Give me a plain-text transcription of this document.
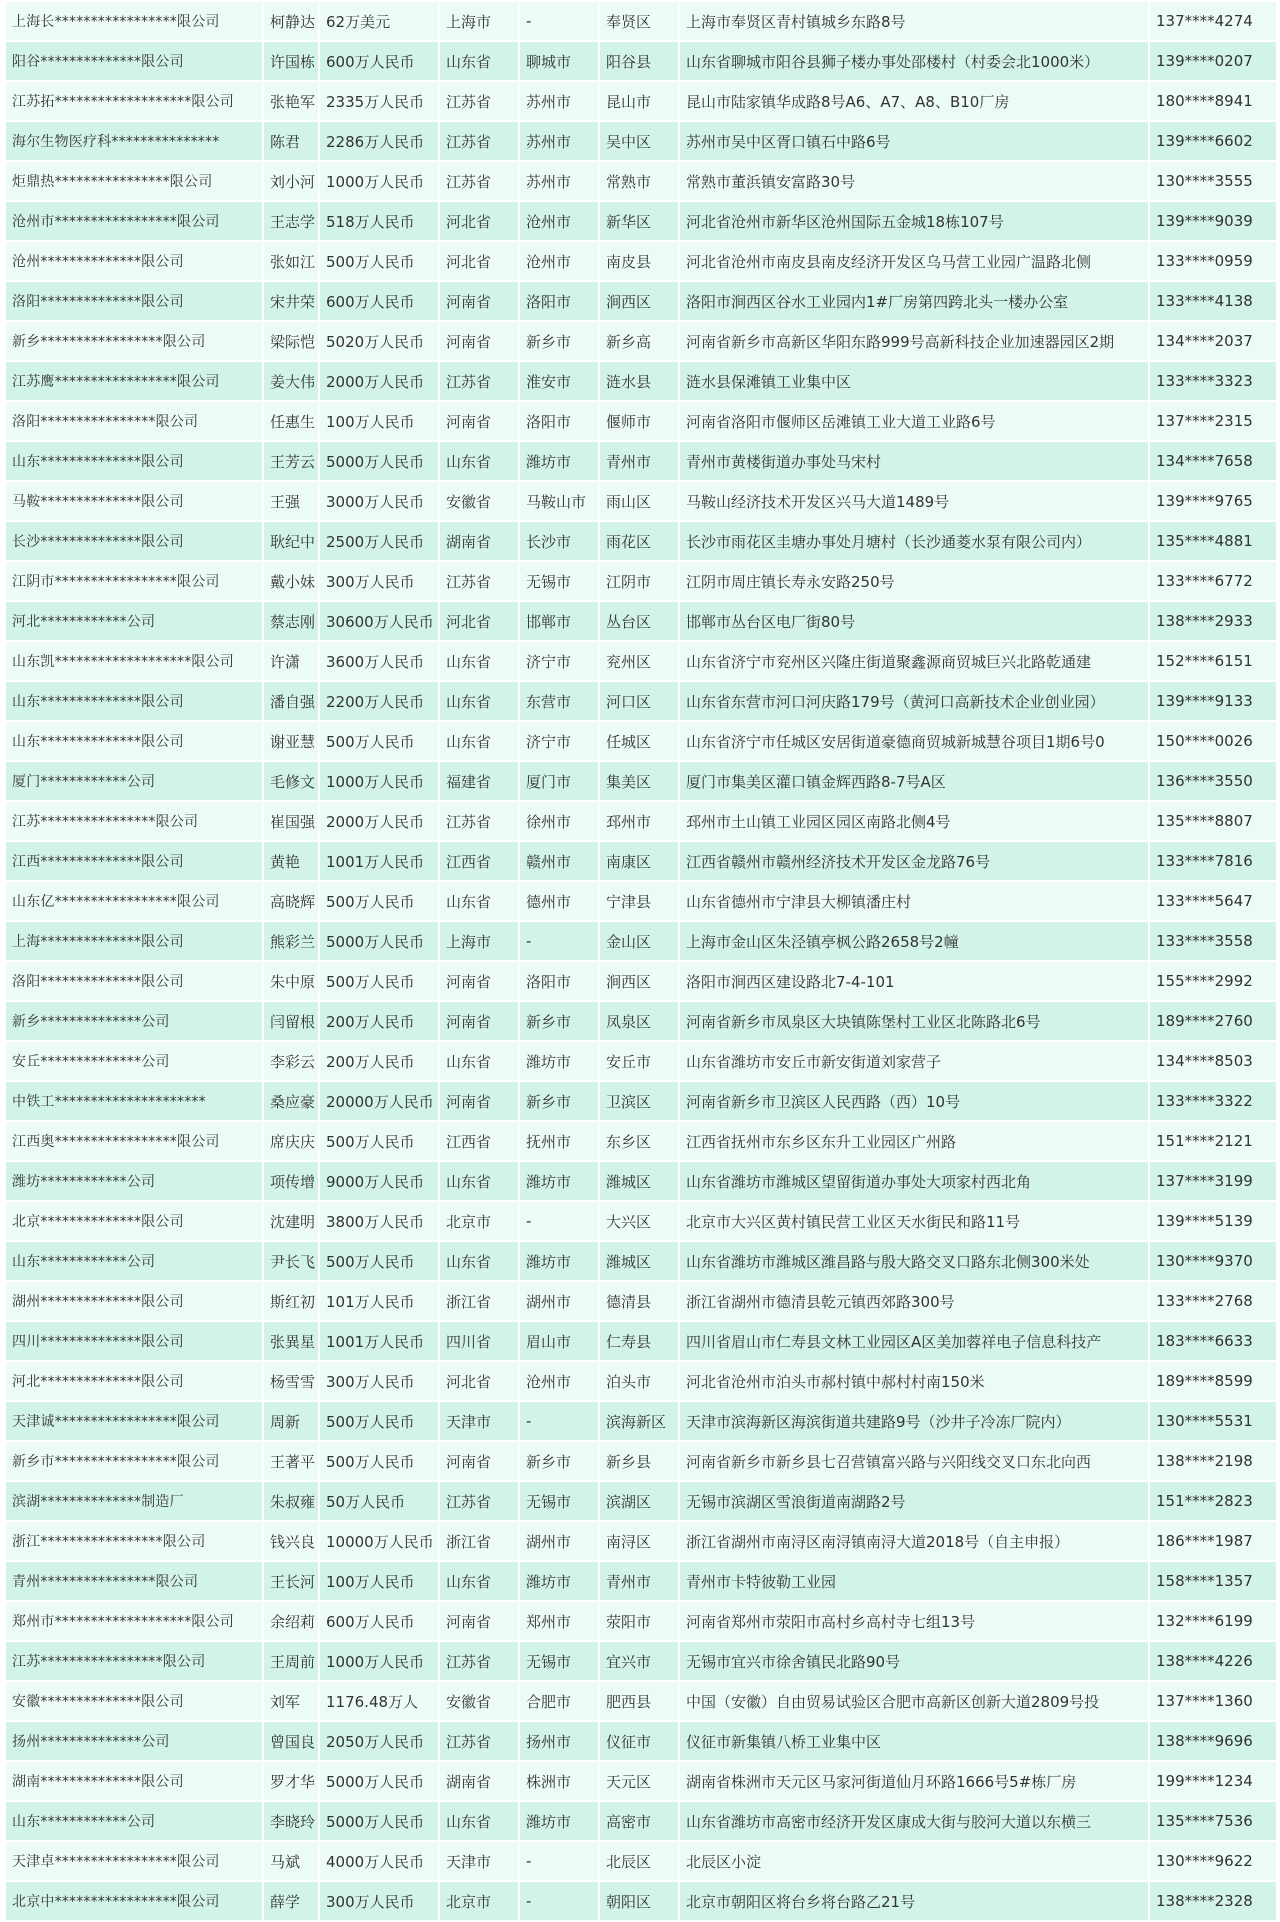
上海长*****************限公司	柯静达	62万美元	上海市	-	奉贤区	上海市奉贤区青村镇城乡东路8号	137****4274
阳谷**************限公司	许国栋	600万人民币	山东省	聊城市	阳谷县	山东省聊城市阳谷县狮子楼办事处邵楼村（村委会北1000米）	139****0207
江苏拓*******************限公司	张艳军	2335万人民币	江苏省	苏州市	昆山市	昆山市陆家镇华成路8号A6、A7、A8、B10厂房	180****8941
海尔生物医疗科***************	陈君	2286万人民币	江苏省	苏州市	吴中区	苏州市吴中区胥口镇石中路6号	139****6602
炬鼎热****************限公司	刘小河	1000万人民币	江苏省	苏州市	常熟市	常熟市董浜镇安富路30号	130****3555
沧州市*****************限公司	王志学	518万人民币	河北省	沧州市	新华区	河北省沧州市新华区沧州国际五金城18栋107号	139****9039
沧州**************限公司	张如江	500万人民币	河北省	沧州市	南皮县	河北省沧州市南皮县南皮经济开发区乌马营工业园广温路北侧	133****0959
洛阳**************限公司	宋井荣	600万人民币	河南省	洛阳市	涧西区	洛阳市涧西区谷水工业园内1#厂房第四跨北头一楼办公室	133****4138
新乡*****************限公司	梁际恺	5020万人民币	河南省	新乡市	新乡高	河南省新乡市高新区华阳东路999号高新科技企业加速器园区2期	134****2037
江苏鹰*****************限公司	姜大伟	2000万人民币	江苏省	淮安市	涟水县	涟水县保滩镇工业集中区	133****3323
洛阳****************限公司	任惠生	100万人民币	河南省	洛阳市	偃师市	河南省洛阳市偃师区岳滩镇工业大道工业路6号	137****2315
山东**************限公司	王芳云	5000万人民币	山东省	潍坊市	青州市	青州市黄楼街道办事处马宋村	134****7658
马鞍**************限公司	王强	3000万人民币	安徽省	马鞍山市	雨山区	马鞍山经济技术开发区兴马大道1489号	139****9765
长沙**************限公司	耿纪中	2500万人民币	湖南省	长沙市	雨花区	长沙市雨花区圭塘办事处月塘村（长沙通菱水泵有限公司内）	135****4881
江阴市*****************限公司	戴小妹	300万人民币	江苏省	无锡市	江阴市	江阴市周庄镇长寿永安路250号	133****6772
河北************公司	蔡志刚	30600万人民币	河北省	邯郸市	丛台区	邯郸市丛台区电厂街80号	138****2933
山东凯*******************限公司	许潇	3600万人民币	山东省	济宁市	兖州区	山东省济宁市兖州区兴隆庄街道聚鑫源商贸城巨兴北路乾通建	152****6151
山东**************限公司	潘自强	2200万人民币	山东省	东营市	河口区	山东省东营市河口河庆路179号（黄河口高新技术企业创业园）	139****9133
山东**************限公司	谢亚慧	500万人民币	山东省	济宁市	任城区	山东省济宁市任城区安居街道豪德商贸城新城慧谷项目1期6号0	150****0026
厦门************公司	毛修文	1000万人民币	福建省	厦门市	集美区	厦门市集美区灌口镇金辉西路8-7号A区	136****3550
江苏****************限公司	崔国强	2000万人民币	江苏省	徐州市	邳州市	邳州市土山镇工业园区园区南路北侧4号	135****8807
江西**************限公司	黄艳	1001万人民币	江西省	赣州市	南康区	江西省赣州市赣州经济技术开发区金龙路76号	133****7816
山东亿*****************限公司	高晓辉	500万人民币	山东省	德州市	宁津县	山东省德州市宁津县大柳镇潘庄村	133****5647
上海**************限公司	熊彩兰	5000万人民币	上海市	-	金山区	上海市金山区朱泾镇亭枫公路2658号2幢	133****3558
洛阳**************限公司	朱中原	500万人民币	河南省	洛阳市	涧西区	洛阳市涧西区建设路北7-4-101	155****2992
新乡**************公司	闫留根	200万人民币	河南省	新乡市	凤泉区	河南省新乡市凤泉区大块镇陈堡村工业区北陈路北6号	189****2760
安丘**************公司	李彩云	200万人民币	山东省	潍坊市	安丘市	山东省潍坊市安丘市新安街道刘家营子	134****8503
中铁工*********************	桑应豪	20000万人民币	河南省	新乡市	卫滨区	河南省新乡市卫滨区人民西路（西）10号	133****3322
江西奥*****************限公司	席庆庆	500万人民币	江西省	抚州市	东乡区	江西省抚州市东乡区东升工业园区广州路	151****2121
潍坊************公司	项传增	9000万人民币	山东省	潍坊市	潍城区	山东省潍坊市潍城区望留街道办事处大项家村西北角	137****3199
北京**************限公司	沈建明	3800万人民币	北京市	-	大兴区	北京市大兴区黄村镇民营工业区天水街民和路11号	139****5139
山东************公司	尹长飞	500万人民币	山东省	潍坊市	潍城区	山东省潍坊市潍城区潍昌路与殷大路交叉口路东北侧300米处	130****9370
湖州**************限公司	斯红初	101万人民币	浙江省	湖州市	德清县	浙江省湖州市德清县乾元镇西郊路300号	133****2768
四川**************限公司	张異星	1001万人民币	四川省	眉山市	仁寿县	四川省眉山市仁寿县文林工业园区A区美加蓉祥电子信息科技产	183****6633
河北**************限公司	杨雪雪	300万人民币	河北省	沧州市	泊头市	河北省沧州市泊头市郝村镇中郝村村南150米	189****8599
天津诚*****************限公司	周新	500万人民币	天津市	-	滨海新区	天津市滨海新区海滨街道共建路9号（沙井子冷冻厂院内）	130****5531
新乡市*****************限公司	王著平	500万人民币	河南省	新乡市	新乡县	河南省新乡市新乡县七召营镇富兴路与兴阳线交叉口东北向西	138****2198
滨湖**************制造厂	朱叔雍	50万人民币	江苏省	无锡市	滨湖区	无锡市滨湖区雪浪街道南湖路2号	151****2823
浙江*****************限公司	钱兴良	10000万人民币	浙江省	湖州市	南浔区	浙江省湖州市南浔区南浔镇南浔大道2018号（自主申报）	186****1987
青州****************限公司	王长河	100万人民币	山东省	潍坊市	青州市	青州市卡特彼勒工业园	158****1357
郑州市*******************限公司	余绍莉	600万人民币	河南省	郑州市	荥阳市	河南省郑州市荥阳市高村乡高村寺七组13号	132****6199
江苏*****************限公司	王周前	1000万人民币	江苏省	无锡市	宜兴市	无锡市宜兴市徐舍镇民北路90号	138****4226
安徽**************限公司	刘军	1176.48万人	安徽省	合肥市	肥西县	中国（安徽）自由贸易试验区合肥市高新区创新大道2809号投	137****1360
扬州**************公司	曾国良	2050万人民币	江苏省	扬州市	仪征市	仪征市新集镇八桥工业集中区	138****9696
湖南**************限公司	罗才华	5000万人民币	湖南省	株洲市	天元区	湖南省株洲市天元区马家河街道仙月环路1666号5#栋厂房	199****1234
山东************公司	李晓玲	5000万人民币	山东省	潍坊市	高密市	山东省潍坊市高密市经济开发区康成大街与胶河大道以东横三	135****7536
天津卓*****************限公司	马斌	4000万人民币	天津市	-	北辰区	北辰区小淀	130****9622
北京中*****************限公司	薛学	300万人民币	北京市	-	朝阳区	北京市朝阳区将台乡将台路乙21号	138****2328
